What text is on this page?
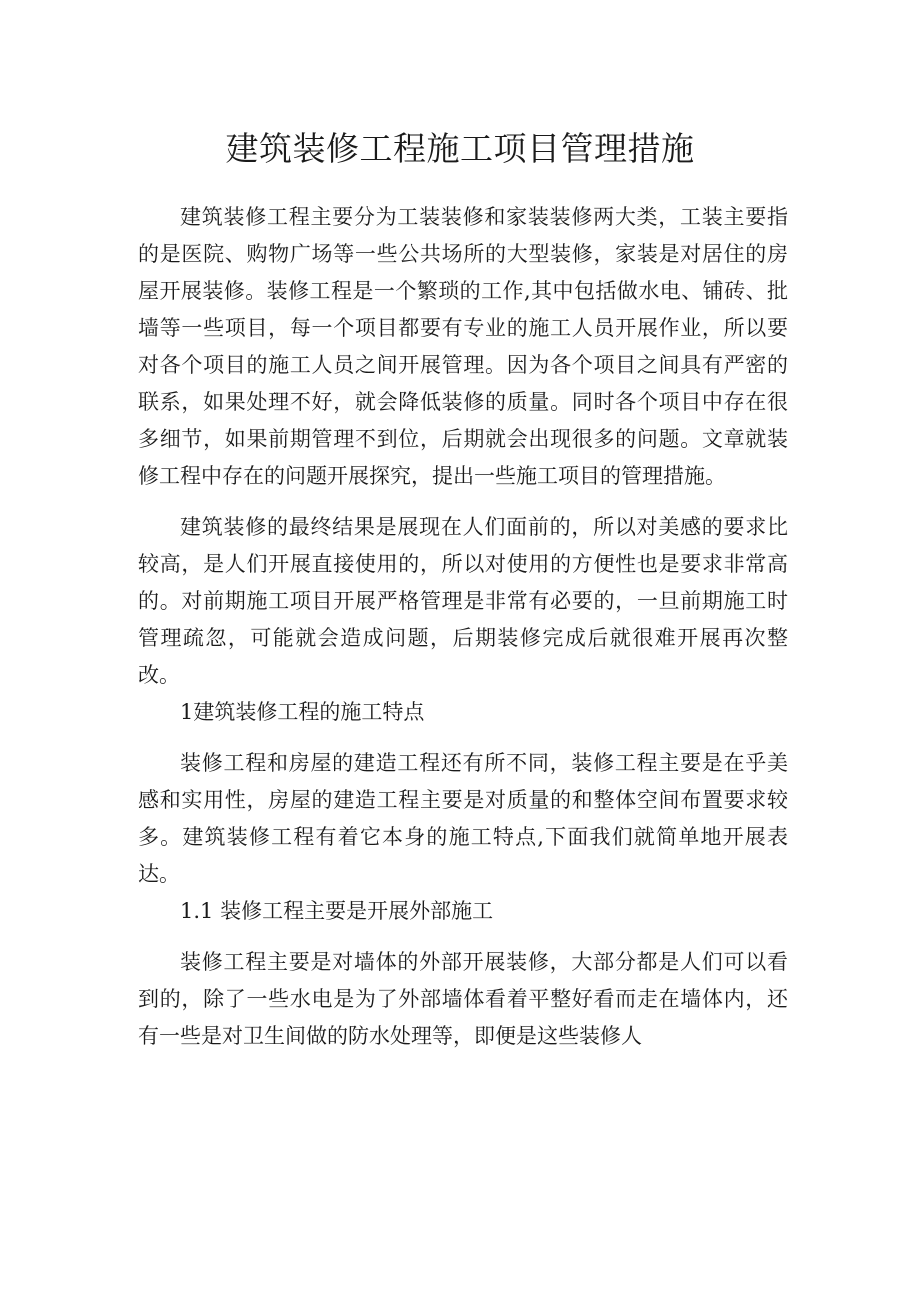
建筑装修工程施工项目管理措施

建筑装修工程主要分为工装装修和家装装修两大类，工装主要指的是医院、购物广场等一些公共场所的大型装修，家装是对居住的房屋开展装修。装修工程是一个繁琐的工作,其中包括做水电、铺砖、批墙等一些项目，每一个项目都要有专业的施工人员开展作业，所以要对各个项目的施工人员之间开展管理。因为各个项目之间具有严密的联系，如果处理不好，就会降低装修的质量。同时各个项目中存在很多细节，如果前期管理不到位，后期就会出现很多的问题。文章就装修工程中存在的问题开展探究，提出一些施工项目的管理措施。

建筑装修的最终结果是展现在人们面前的，所以对美感的要求比较高，是人们开展直接使用的，所以对使用的方便性也是要求非常高的。对前期施工项目开展严格管理是非常有必要的，一旦前期施工时管理疏忽，可能就会造成问题，后期装修完成后就很难开展再次整改。

1建筑装修工程的施工特点

装修工程和房屋的建造工程还有所不同，装修工程主要是在乎美感和实用性，房屋的建造工程主要是对质量的和整体空间布置要求较多。建筑装修工程有着它本身的施工特点,下面我们就简单地开展表达。

1.1 装修工程主要是开展外部施工

装修工程主要是对墙体的外部开展装修，大部分都是人们可以看到的，除了一些水电是为了外部墙体看着平整好看而走在墙体内，还有一些是对卫生间做的防水处理等，即便是这些装修人
